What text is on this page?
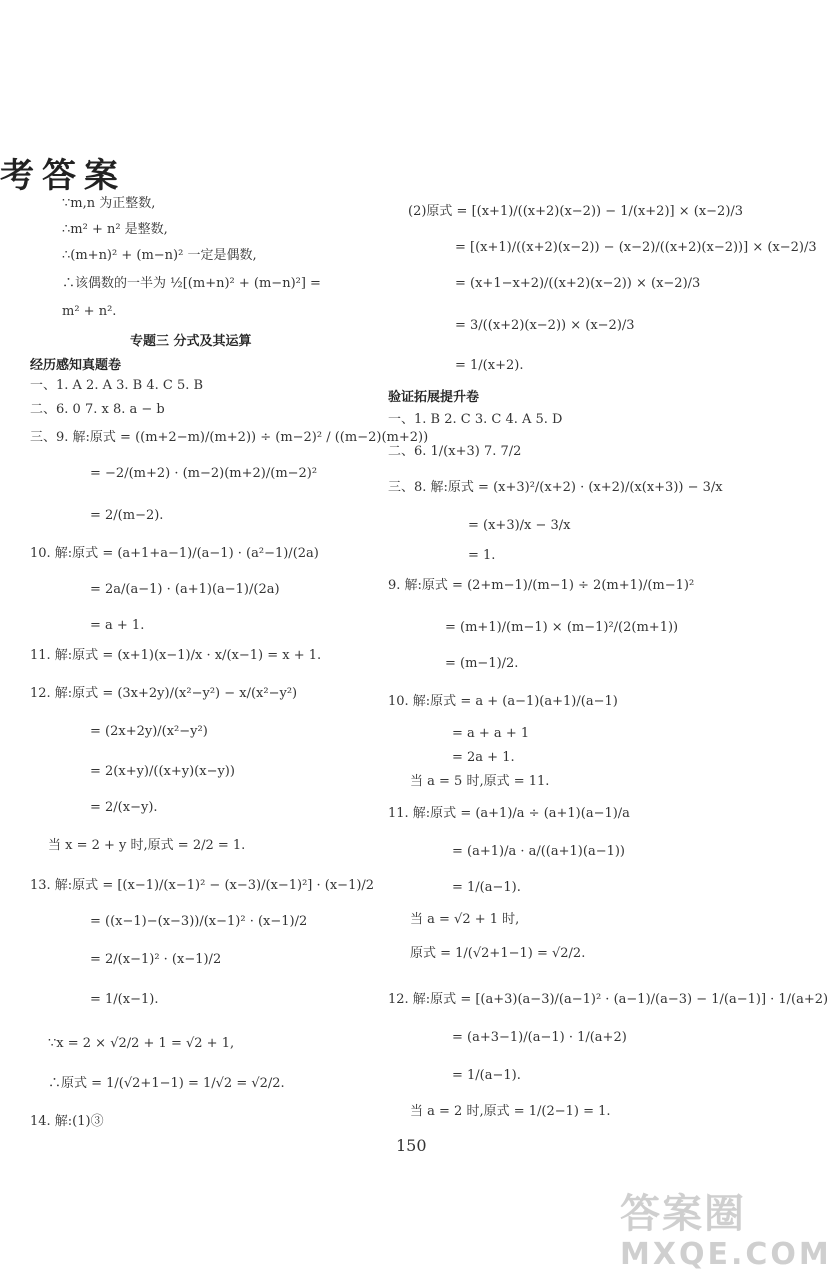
考答案
∵m,n 为正整数,
∴m² + n² 是整数,
∴(m+n)² + (m−n)² 一定是偶数,
∴该偶数的一半为 ½[(m+n)² + (m−n)²] =
m² + n².
专题三 分式及其运算
经历感知真题卷
一、1. A 2. A 3. B 4. C 5. B
二、6. 0 7. x 8. a − b
三、9. 解:原式 = ((m+2−m)/(m+2)) ÷ (m−2)² / ((m−2)(m+2))
= −2/(m+2) · (m−2)(m+2)/(m−2)²
= 2/(m−2).
10. 解:原式 = (a+1+a−1)/(a−1) · (a²−1)/(2a)
= 2a/(a−1) · (a+1)(a−1)/(2a)
= a + 1.
11. 解:原式 = (x+1)(x−1)/x · x/(x−1) = x + 1.
12. 解:原式 = (3x+2y)/(x²−y²) − x/(x²−y²)
= (2x+2y)/(x²−y²)
= 2(x+y)/((x+y)(x−y))
= 2/(x−y).
当 x = 2 + y 时,原式 = 2/2 = 1.
13. 解:原式 = [(x−1)/(x−1)² − (x−3)/(x−1)²] · (x−1)/2
= ((x−1)−(x−3))/(x−1)² · (x−1)/2
= 2/(x−1)² · (x−1)/2
= 1/(x−1).
∵x = 2 × √2/2 + 1 = √2 + 1,
∴原式 = 1/(√2+1−1) = 1/√2 = √2/2.
14. 解:(1)③
(2)原式 = [(x+1)/((x+2)(x−2)) − 1/(x+2)] × (x−2)/3
= [(x+1)/((x+2)(x−2)) − (x−2)/((x+2)(x−2))] × (x−2)/3
= (x+1−x+2)/((x+2)(x−2)) × (x−2)/3
= 3/((x+2)(x−2)) × (x−2)/3
= 1/(x+2).
验证拓展提升卷
一、1. B 2. C 3. C 4. A 5. D
二、6. 1/(x+3) 7. 7/2
三、8. 解:原式 = (x+3)²/(x+2) · (x+2)/(x(x+3)) − 3/x
= (x+3)/x − 3/x
= 1.
9. 解:原式 = (2+m−1)/(m−1) ÷ 2(m+1)/(m−1)²
= (m+1)/(m−1) × (m−1)²/(2(m+1))
= (m−1)/2.
10. 解:原式 = a + (a−1)(a+1)/(a−1)
= a + a + 1
= 2a + 1.
当 a = 5 时,原式 = 11.
11. 解:原式 = (a+1)/a ÷ (a+1)(a−1)/a
= (a+1)/a · a/((a+1)(a−1))
= 1/(a−1).
当 a = √2 + 1 时,
原式 = 1/(√2+1−1) = √2/2.
12. 解:原式 = [(a+3)(a−3)/(a−1)² · (a−1)/(a−3) − 1/(a−1)] · 1/(a+2)
= (a+3−1)/(a−1) · 1/(a+2)
= 1/(a−1).
当 a = 2 时,原式 = 1/(2−1) = 1.
150
答案圈
MXQE.COM
